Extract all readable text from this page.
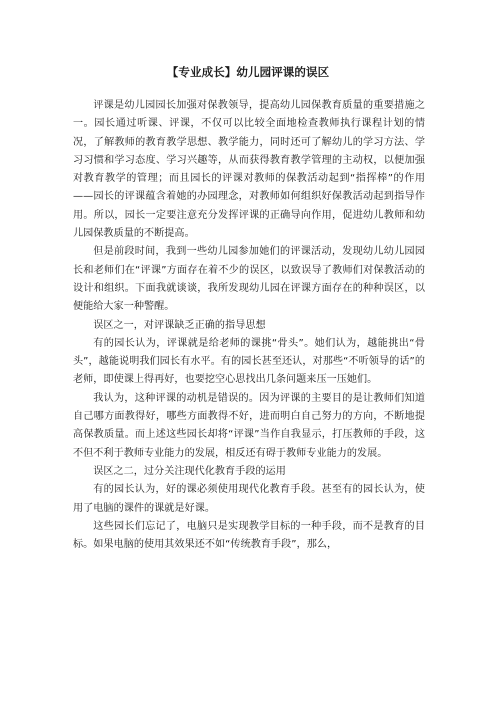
【专业成长】幼儿园评课的误区

评课是幼儿园园长加强对保教领导，提高幼儿园保教育质量的重要措施之一。园长通过听课、评课，不仅可以比较全面地检查教师执行课程计划的情况，了解教师的教育教学思想、教学能力，同时还可了解幼儿的学习方法、学习习惯和学习态度、学习兴趣等，从而获得教育教学管理的主动权，以便加强对教育教学的管理；而且园长的评课对教师的保教活动起到“指挥棒”的作用——园长的评课蕴含着她的办园理念，对教师如何组织好保教活动起到指导作用。所以，园长一定要注意充分发挥评课的正确导向作用，促进幼儿教师和幼儿园保教质量的不断提高。

但是前段时间，我到一些幼儿园参加她们的评课活动，发现幼儿幼儿园园长和老师们在“评课”方面存在着不少的误区，以致误导了教师们对保教活动的设计和组织。下面我就谈谈，我所发现幼儿园在评课方面存在的种种误区，以便能给大家一种警醒。

误区之一，对评课缺乏正确的指导思想

有的园长认为，评课就是给老师的课挑“骨头”。她们认为，越能挑出“骨头”，越能说明我们园长有水平。有的园长甚至还认，对那些“不听领导的话”的老师，即使课上得再好，也要挖空心思找出几条问题来压一压她们。

我认为，这种评课的动机是错误的。因为评课的主要目的是让教师们知道自己哪方面教得好，哪些方面教得不好，进而明白自己努力的方向，不断地提高保教质量。而上述这些园长却将“评课”当作自我显示，打压教师的手段，这不但不利于教师专业能力的发展，相反还有碍于教师专业能力的发展。

误区之二，过分关注现代化教育手段的运用

有的园长认为，好的课必须使用现代化教育手段。甚至有的园长认为，使用了电脑的课件的课就是好课。

这些园长们忘记了，电脑只是实现教学目标的一种手段，而不是教育的目标。如果电脑的使用其效果还不如“传统教育手段”，那么，
